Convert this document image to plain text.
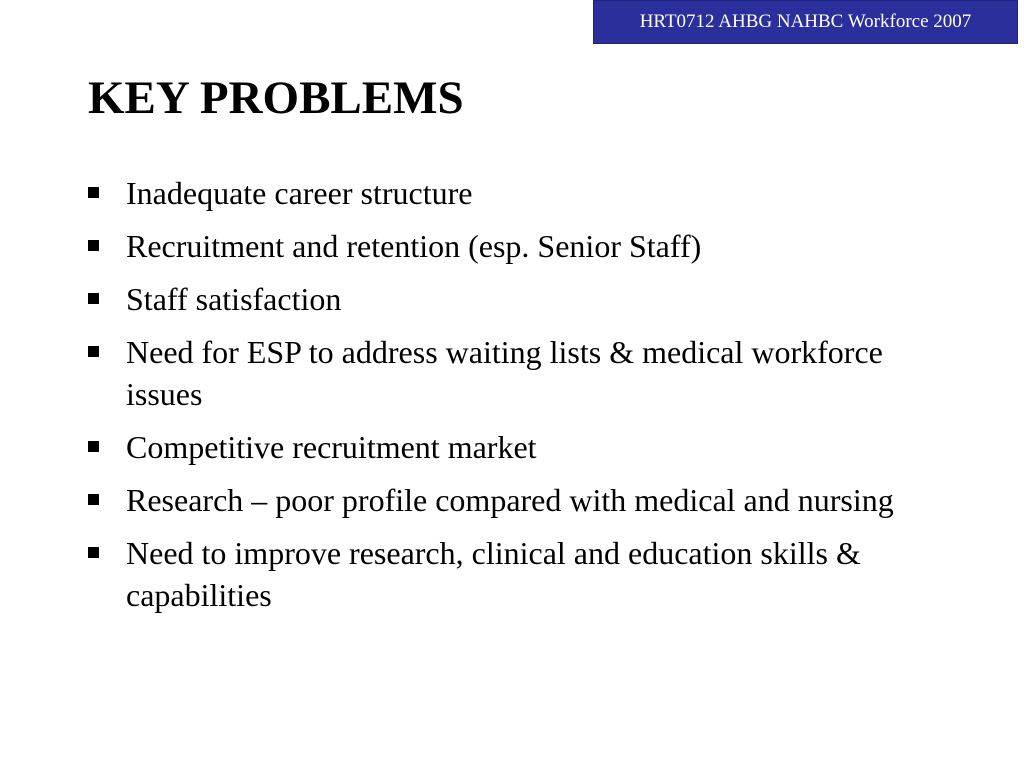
HRT0712 AHBG NAHBC Workforce 2007
KEY PROBLEMS
Inadequate career structure
Recruitment and retention (esp. Senior Staff)
Staff satisfaction
Need for ESP to address waiting lists & medical workforce issues
Competitive recruitment market
Research – poor profile compared with medical and nursing
Need to improve research, clinical and education skills & capabilities
